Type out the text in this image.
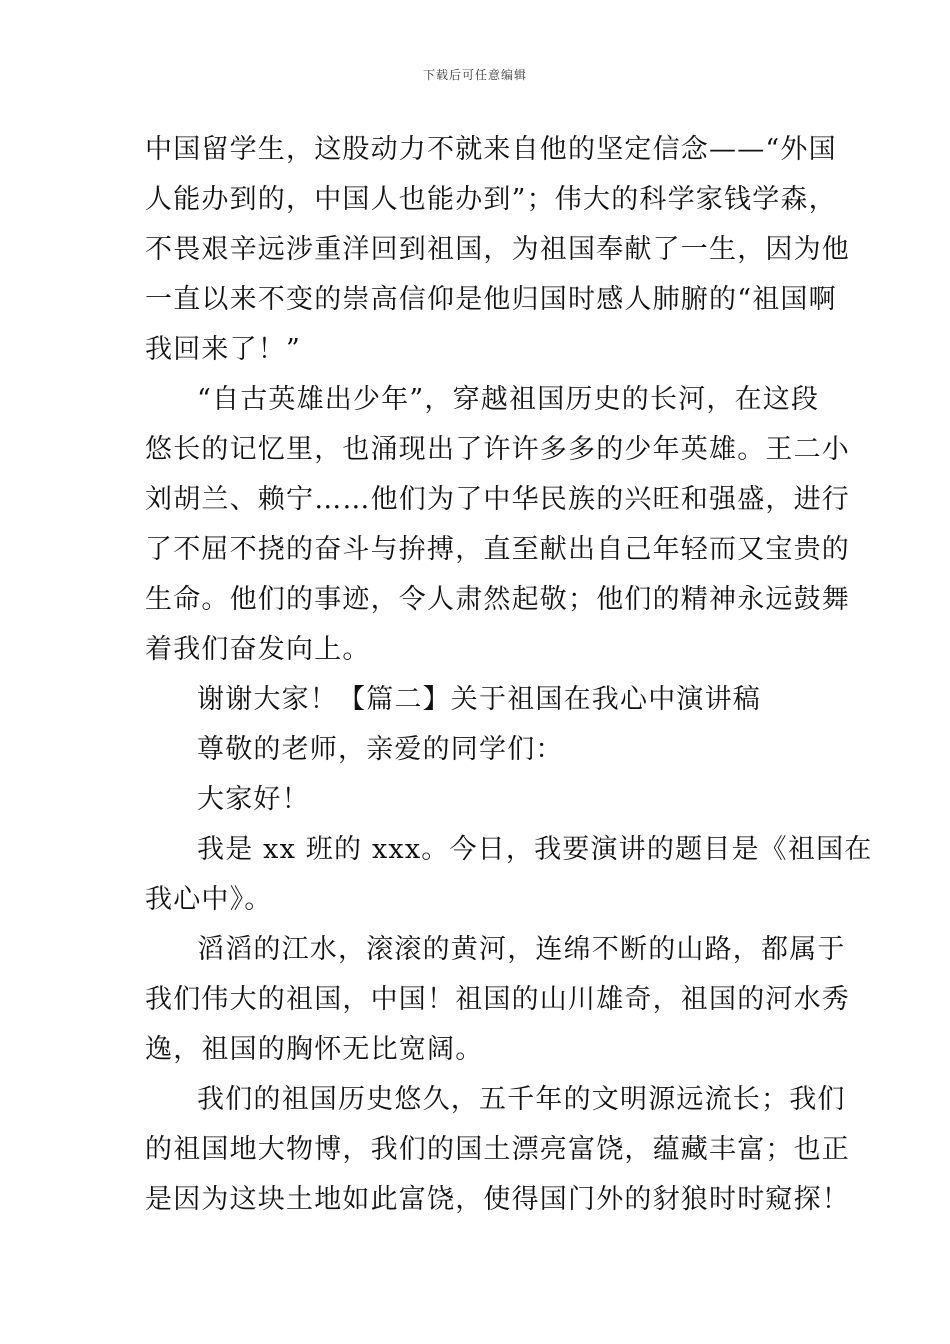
下载后可任意编辑
中国留学生，这股动力不就来自他的坚定信念——“外国
人能办到的，中国人也能办到”；伟大的科学家钱学森，
不畏艰辛远涉重洋回到祖国，为祖国奉献了一生，因为他
一直以来不变的崇高信仰是他归国时感人肺腑的“祖国啊
我回来了！”
“自古英雄出少年”，穿越祖国历史的长河，在这段
悠长的记忆里，也涌现出了许许多多的少年英雄。王二小
刘胡兰、赖宁……他们为了中华民族的兴旺和强盛，进行
了不屈不挠的奋斗与拚搏，直至献出自己年轻而又宝贵的
生命。他们的事迹，令人肃然起敬；他们的精神永远鼓舞
着我们奋发向上。
谢谢大家！【篇二】关于祖国在我心中演讲稿
尊敬的老师，亲爱的同学们：
大家好！
我是 xx 班的 xxx。今日，我要演讲的题目是《祖国在
我心中》。
滔滔的江水，滚滚的黄河，连绵不断的山路，都属于
我们伟大的祖国，中国！祖国的山川雄奇，祖国的河水秀
逸，祖国的胸怀无比宽阔。
我们的祖国历史悠久，五千年的文明源远流长；我们
的祖国地大物博，我们的国土漂亮富饶，蕴藏丰富；也正
是因为这块土地如此富饶，使得国门外的豺狼时时窥探！
